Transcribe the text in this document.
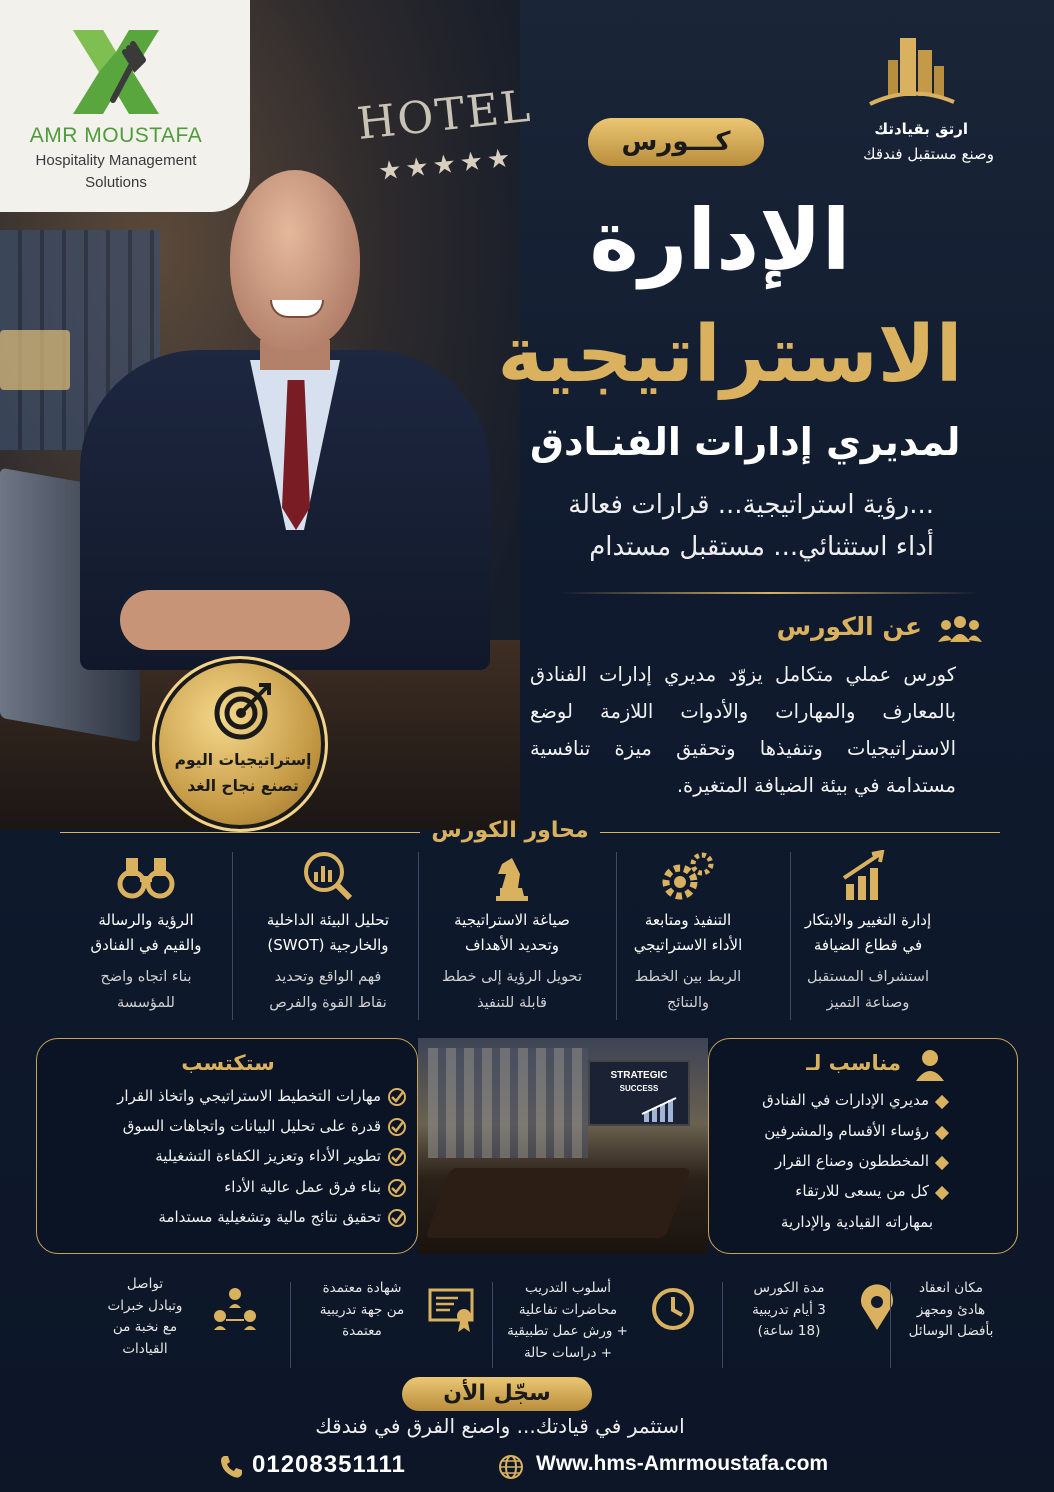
HOTEL
★★★★★
AMR MOUSTAFA
Hospitality Management
Solutions
ارتق بقيادتك
وصنع مستقبل فندقك
كـــورس
الإدارة
الاستراتيجية
لمديري إدارات الفنـادق
رؤية استراتيجية... قرارات فعالة...
أداء استثنائي... مستقبل مستدام
عن الكورس
كورس عملي متكامل يزوّد مديري إدارات الفنادق بالمعارف والمهارات والأدوات اللازمة لوضع الاستراتيجيات وتنفيذها وتحقيق ميزة تنافسية مستدامة في بيئة الضيافة المتغيرة.
إستراتيجيات اليوم
تصنع نجاح الغد
محاور الكورس
إدارة التغيير والابتكار
في قطاع الضيافة
استشراف المستقبل
وصناعة التميز
التنفيذ ومتابعة
الأداء الاستراتيجي
الربط بين الخطط
والنتائج
صياغة الاستراتيجية
وتحديد الأهداف
تحويل الرؤية إلى خطط
قابلة للتنفيذ
تحليل البيئة الداخلية
والخارجية (SWOT)
فهم الواقع وتحديد
نقاط القوة والفرص
الرؤية والرسالة
والقيم في الفنادق
بناء اتجاه واضح
للمؤسسة
ستكتسب
مهارات التخطيط الاستراتيجي واتخاذ القرار
قدرة على تحليل البيانات واتجاهات السوق
تطوير الأداء وتعزيز الكفاءة التشغيلية
بناء فرق عمل عالية الأداء
تحقيق نتائج مالية وتشغيلية مستدامة
STRATEGIC
SUCCESS
مناسب لـ
مديري الإدارات في الفنادق
رؤساء الأقسام والمشرفين
المخططون وصناع القرار
كل من يسعى للارتقاء
بمهاراته القيادية والإدارية
مكان انعقاد
هادئ ومجهز
بأفضل الوسائل
مدة الكورس
3 أيام تدريبية
(18 ساعة)
أسلوب التدريب
محاضرات تفاعلية
+ ورش عمل تطبيقية
+ دراسات حالة
شهادة معتمدة
من جهة تدريبية
معتمدة
تواصل
وتبادل خبرات
مع نخبة من
القيادات
سجّل الأن
استثمر في قيادتك... واصنع الفرق في فندقك
01208351111	Www.hms-Amrmoustafa.com
